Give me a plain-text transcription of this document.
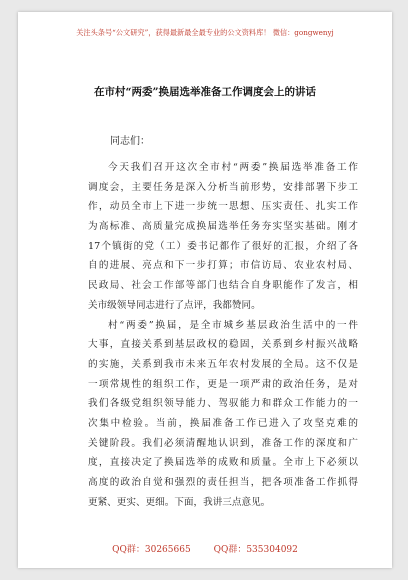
关注头条号“公文研究”，获得最新最全最专业的公文资料库！ 微信：gongwenyj
在市村“两委”换届选举准备工作调度会上的讲话
同志们：
今天我们召开这次全市村“两委”换届选举准备工作
调度会，主要任务是深入分析当前形势，安排部署下步工
作，动员全市上下进一步统一思想、压实责任、扎实工作
为高标准、高质量完成换届选举任务夯实坚实基础。刚才
17个镇街的党（工）委书记都作了很好的汇报，介绍了各
自的进展、亮点和下一步打算；市信访局、农业农村局、
民政局、社会工作部等部门也结合自身职能作了发言，相
关市级领导同志进行了点评，我都赞同。
村“两委”换届，是全市城乡基层政治生活中的一件
大事，直接关系到基层政权的稳固，关系到乡村振兴战略
的实施，关系到我市未来五年农村发展的全局。这不仅是
一项常规性的组织工作，更是一项严肃的政治任务，是对
我们各级党组织领导能力、驾驭能力和群众工作能力的一
次集中检验。当前，换届准备工作已进入了攻坚克难的
关键阶段。我们必须清醒地认识到，准备工作的深度和广
度，直接决定了换届选举的成败和质量。全市上下必须以
高度的政治自觉和强烈的责任担当，把各项准备工作抓得
更紧、更实、更细。下面，我讲三点意见。
QQ群：30265665        QQ群：535304092
